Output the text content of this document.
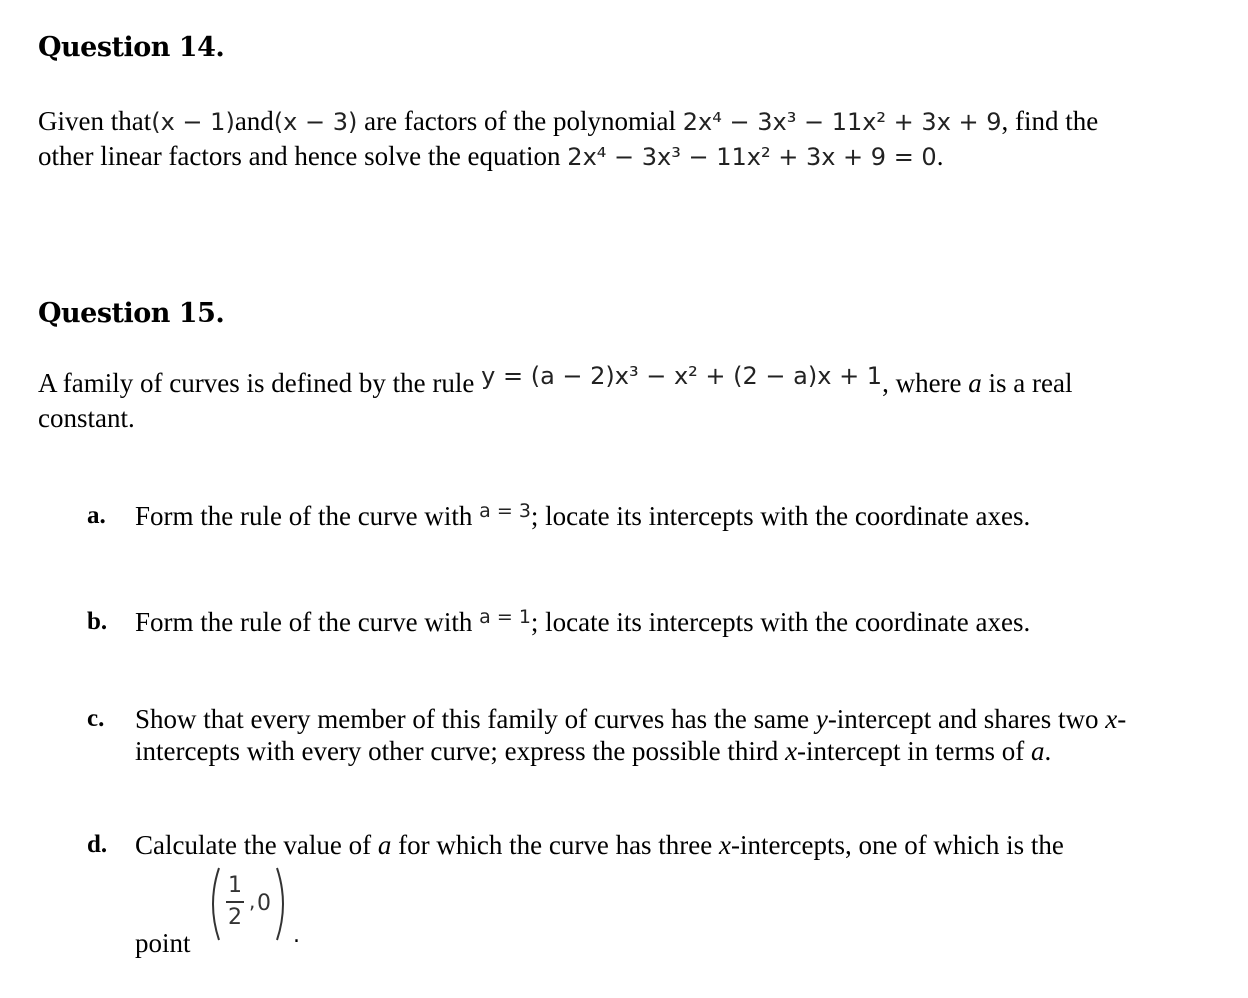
Question 14.
Given that(x − 1)and(x − 3) are factors of the polynomial 2x⁴ − 3x³ − 11x² + 3x + 9, find the
other linear factors and hence solve the equation 2x⁴ − 3x³ − 11x² + 3x + 9 = 0.
Question 15.
A family of curves is defined by the rule y = (a − 2)x³ − x² + (2 − a)x + 1, where a is a real
constant.
a. Form the rule of the curve with $^{a = 3}$; locate its intercepts with the coordinate axes.
b. Form the rule of the curve with $^{a = 1}$; locate its intercepts with the coordinate axes.
c. Show that every member of this family of curves has the same y-intercept and shares two x-intercepts with every other curve; express the possible third x-intercept in terms of a.
d. Calculate the value of a for which the curve has three x-intercepts, one of which is the
point
1
2
, 0
.
